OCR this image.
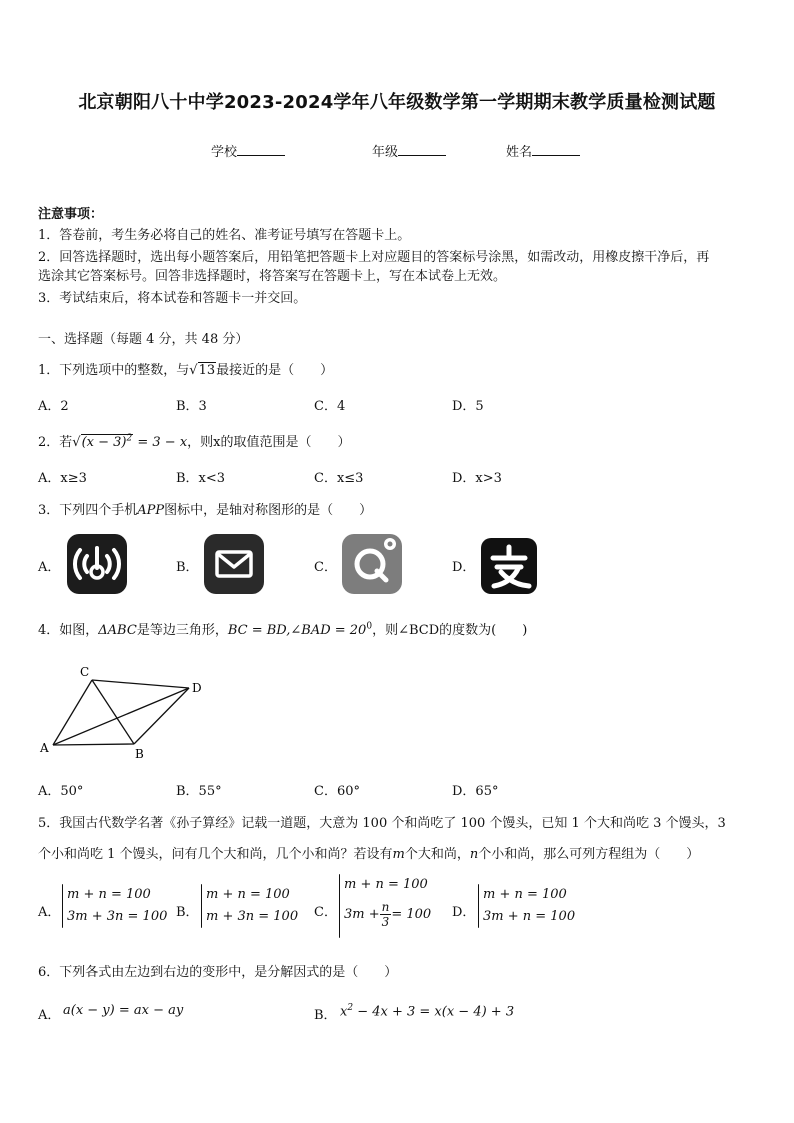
北京朝阳八十中学2023-2024学年八年级数学第一学期期末教学质量检测试题
学校	年级	姓名
注意事项：
1．答卷前，考生务必将自己的姓名、准考证号填写在答题卡上。
2．回答选择题时，选出每小题答案后，用铅笔把答题卡上对应题目的答案标号涂黑，如需改动，用橡皮擦干净后，再
选涂其它答案标号。回答非选择题时，将答案写在答题卡上，写在本试卷上无效。
3．考试结束后，将本试卷和答题卡一并交回。
一、选择题（每题 4 分，共 48 分）
1．下列选项中的整数，与√13最接近的是（　　）
A．2	B．3	C．4	D．5
2．若$√(x - 3)^2 = 3 - x$，则x的取值范围是（　　）
A．x≥3	B．x<3	C．x≤3	D．x>3
3．下列四个手机APP图标中，是轴对称图形的是（　　）
A．	B．	C．	D．
4．如图，ΔABC是等边三角形，BC = BD,∠BAD = $20^0$，则∠BCD的度数为(　　)
C
D
A	B
A．50°	B．55°	C．60°	D．65°
5．我国古代数学名著《孙子算经》记载一道题，大意为 100 个和尚吃了 100 个馒头，已知 1 个大和尚吃 3 个馒头，3
个小和尚吃 1 个馒头，问有几个大和尚，几个小和尚？若设有m个大和尚，n个小和尚，那么可列方程组为（　　）
A．
m + n = 100
3m + 3n = 100 B．
m + n = 100
m + 3n = 100 C．
m + n = 100
$3m + \frac{n}{3} = 100$ D．
m + n = 100
3m + n = 100
6．下列各式由左边到右边的变形中，是分解因式的是（　　）
A． a(x − y) = ax − ay	B． $x^2 - 4x + 3 = x(x - 4) + 3$
